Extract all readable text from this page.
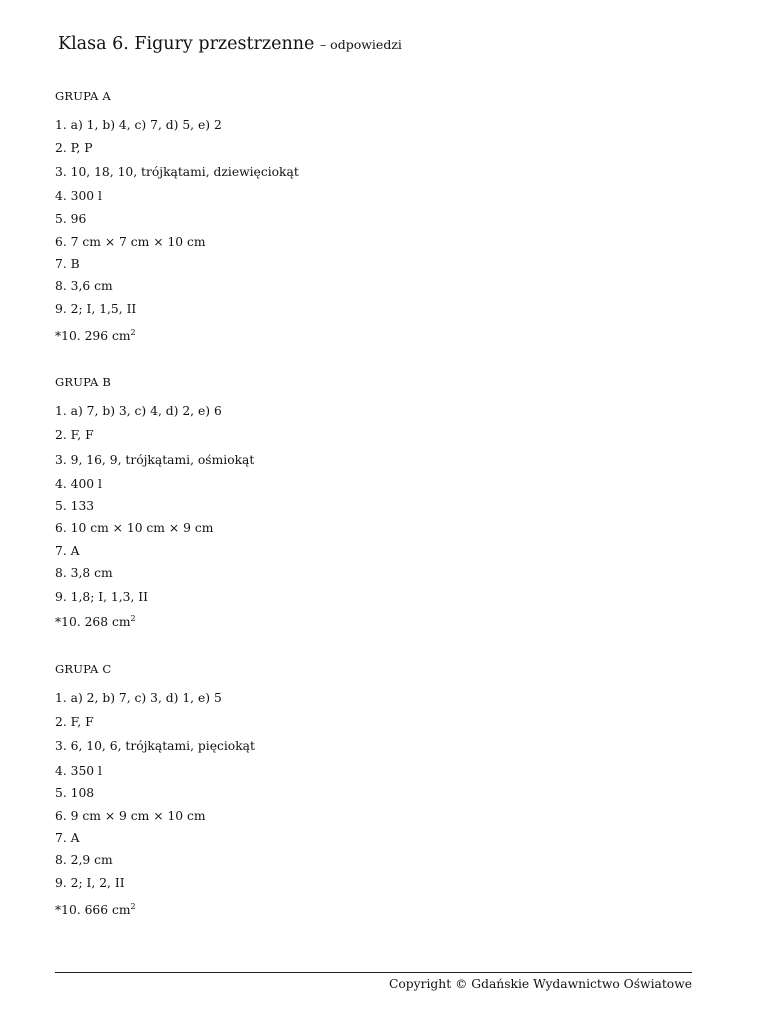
Klasa 6. Figury przestrzenne – odpowiedzi
GRUPA A
1. a) 1, b) 4, c) 7, d) 5, e) 2
2. P, P
3. 10, 18, 10, trójkątami, dziewięciokąt
4. 300 l
5. 96
6. 7 cm × 7 cm × 10 cm
7. B
8. 3,6 cm
9. 2; I, 1,5, II
*10. 296 $cm^2$
GRUPA B
1. a) 7, b) 3, c) 4, d) 2, e) 6
2. F, F
3. 9, 16, 9, trójkątami, ośmiokąt
4. 400 l
5. 133
6. 10 cm × 10 cm × 9 cm
7. A
8. 3,8 cm
9. 1,8; I, 1,3, II
*10. 268 $cm^2$
GRUPA C
1. a) 2, b) 7, c) 3, d) 1, e) 5
2. F, F
3. 6, 10, 6, trójkątami, pięciokąt
4. 350 l
5. 108
6. 9 cm × 9 cm × 10 cm
7. A
8. 2,9 cm
9. 2; I, 2, II
*10. 666 $cm^2$
Copyright © Gdańskie Wydawnictwo Oświatowe
